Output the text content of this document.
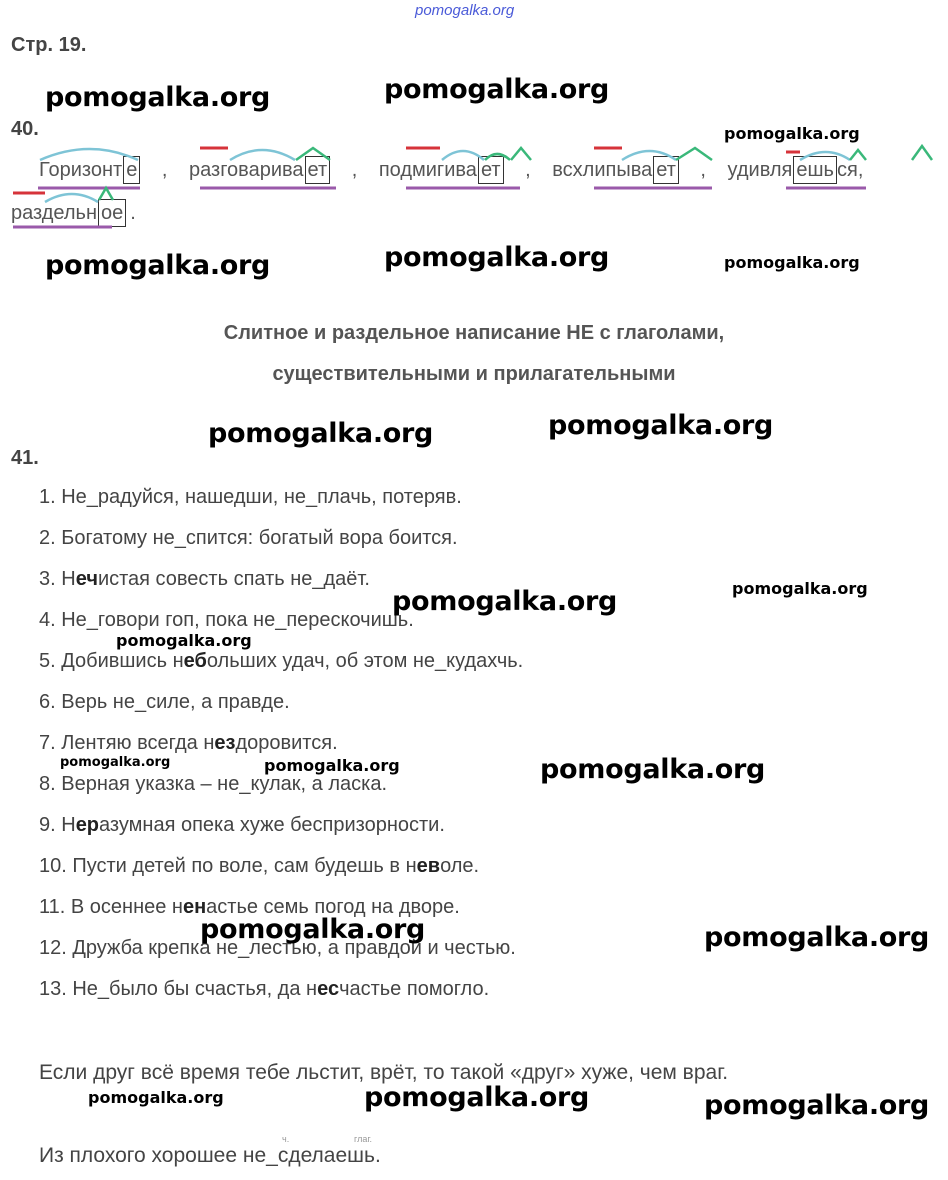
pomogalka.org
Стр. 19.
pomogalka.org	pomogalka.org
pomogalka.org
40.
Горизонт е , разговарива ет , подмигива ет , всхлипыва ет , удивля ешь ся,
раздельн ое .
pomogalka.org	pomogalka.org	pomogalka.org
Слитное и раздельное написание НЕ с глаголами,
существительными и прилагательными
pomogalka.org	pomogalka.org
41.
1. Не_радуйся, нашедши, не_плачь, потеряв.
2. Богатому не_спится: богатый вора боится.
3. Нечистая совесть спать не_даёт.
4. Не_говори гоп, пока не_перескочишь.
5. Добившись небольших удач, об этом не_кудахчь.
6. Верь не_силе, а правде.
7. Лентяю всегда нездоровится.
8. Верная указка – не_кулак, а ласка.
9. Неразумная опека хуже беспризорности.
10. Пусти детей по воле, сам будешь в неволе.
11. В осеннее ненастье семь погод на дворе.
12. Дружба крепка не_лестью, а правдой и честью.
13. Не_было бы счастья, да несчастье помогло.
pomogalka.org	pomogalka.org
pomogalka.org
pomogalka.org	pomogalka.org	pomogalka.org
pomogalka.org	pomogalka.org
Если друг всё время тебе льстит, врёт, то такой «друг» хуже, чем враг.
pomogalka.org	pomogalka.org	pomogalka.org
ч.	глаг.
Из плохого хорошее не_сделаешь.
